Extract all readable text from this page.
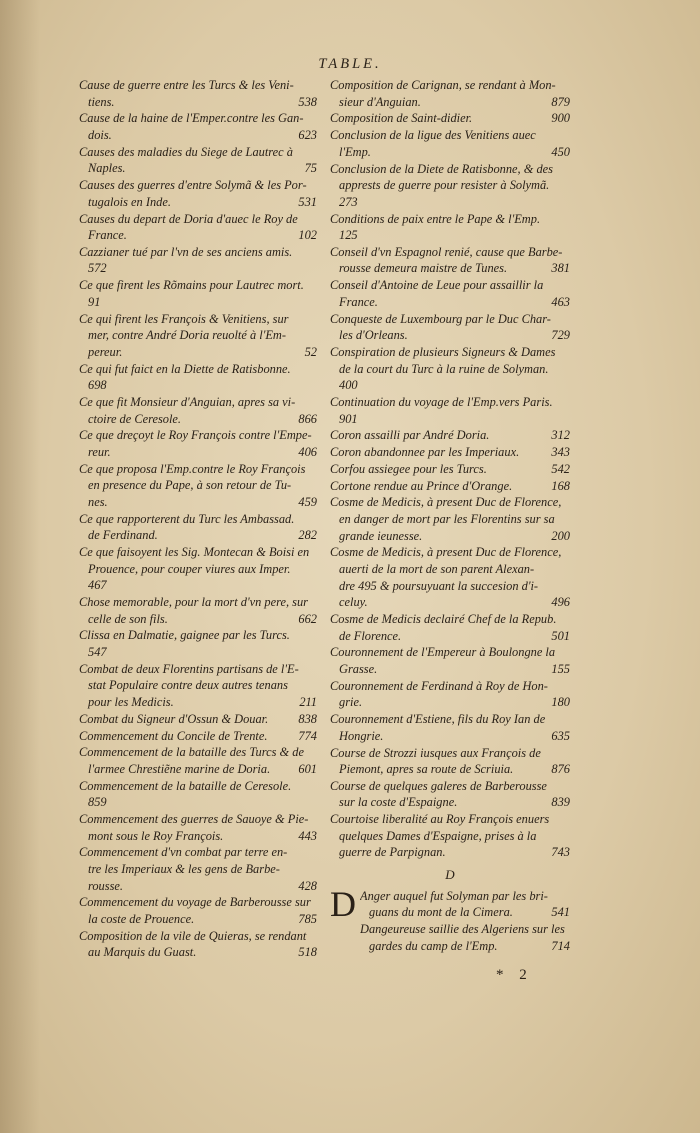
TABLE.
Cause de guerre entre les Turcs & les Veni-
tiens.	538
Cause de la haine de l'Emper.contre les Gan-
dois.	623
Causes des maladies du Siege de Lautrec à
Naples.	75
Causes des guerres d'entre Solymã & les Por-
tugalois en Inde.	531
Causes du depart de Doria d'auec le Roy de
France.	102
Cazzianer tué par l'vn de ses anciens amis.
572
Ce que firent les Rõmains pour Lautrec mort.
91
Ce qui firent les François & Venitiens, sur
mer, contre André Doria reuolté à l'Em-
pereur.	52
Ce qui fut faict en la Diette de Ratisbonne.
698
Ce que fit Monsieur d'Anguian, apres sa vi-
ctoire de Ceresole.	866
Ce que dreçoyt le Roy François contre l'Empe-
reur.	406
Ce que proposa l'Emp.contre le Roy François
en presence du Pape, à son retour de Tu-
nes.	459
Ce que rapporterent du Turc les Ambassad.
de Ferdinand.	282
Ce que faisoyent les Sig. Montecan & Boisi en
Prouence, pour couper viures aux Imper.
467
Chose memorable, pour la mort d'vn pere, sur
celle de son fils.	662
Clissa en Dalmatie, gaignee par les Turcs.
547
Combat de deux Florentins partisans de l'E-
stat Populaire contre deux autres tenans
pour les Medicis.	211
Combat du Signeur d'Ossun & Douar.	838
Commencement du Concile de Trente.	774
Commencement de la bataille des Turcs & de
l'armee Chrestiẽne marine de Doria.	601
Commencement de la bataille de Ceresole.
859
Commencement des guerres de Sauoye & Pie-
mont sous le Roy François.	443
Commencement d'vn combat par terre en-
tre les Imperiaux & les gens de Barbe-
rousse.	428
Commencement du voyage de Barberousse sur
la coste de Prouence.	785
Composition de la vile de Quieras, se rendant
au Marquis du Guast.	518
Composition de Carignan, se rendant à Mon-
sieur d'Anguian.	879
Composition de Saint-didier.	900
Conclusion de la ligue des Venitiens auec
l'Emp.	450
Conclusion de la Diete de Ratisbonne, & des
apprests de guerre pour resister à Solymã.
273
Conditions de paix entre le Pape & l'Emp.
125
Conseil d'vn Espagnol renié, cause que Barbe-
rousse demeura maistre de Tunes.	381
Conseil d'Antoine de Leue pour assaillir la
France.	463
Conqueste de Luxembourg par le Duc Char-
les d'Orleans.	729
Conspiration de plusieurs Signeurs & Dames
de la court du Turc à la ruine de Solyman.
400
Continuation du voyage de l'Emp.vers Paris.
901
Coron assailli par André Doria.	312
Coron abandonnee par les Imperiaux.	343
Corfou assiegee pour les Turcs.	542
Cortone rendue au Prince d'Orange.	168
Cosme de Medicis, à present Duc de Florence,
en danger de mort par les Florentins sur sa
grande ieunesse.	200
Cosme de Medicis, à present Duc de Florence,
auerti de la mort de son parent Alexan-
dre 495 & poursuyuant la succesion d'i-
celuy.	496
Cosme de Medicis declairé Chef de la Repub.
de Florence.	501
Couronnement de l'Empereur à Boulongne la
Grasse.	155
Couronnement de Ferdinand à Roy de Hon-
grie.	180
Couronnement d'Estiene, fils du Roy Ian de
Hongrie.	635
Course de Strozzi iusques aux François de
Piemont, apres sa route de Scriuia.	876
Course de quelques galeres de Barberousse
sur la coste d'Espaigne.	839
Courtoise liberalité au Roy François enuers
quelques Dames d'Espaigne, prises à la
guerre de Parpignan.	743
D
D Anger auquel fut Solyman par les bri-
guans du mont de la Cimera.	541
Dangeureuse saillie des Algeriens sur les
gardes du camp de l'Emp.	714
* 2
